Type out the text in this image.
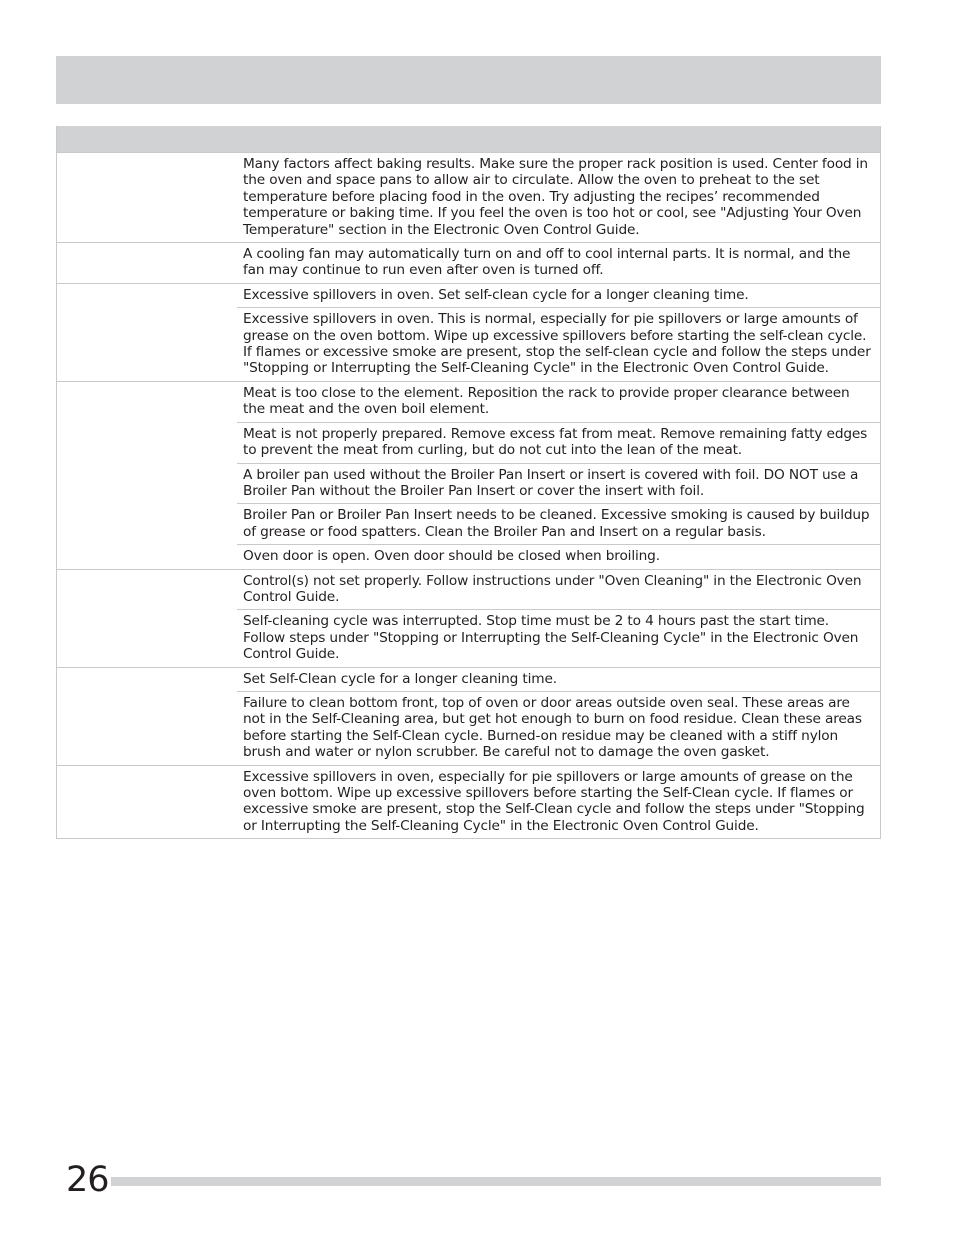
Many factors affect baking results. Make sure the proper rack position is used. Center food in the oven and space pans to allow air to circulate. Allow the oven to preheat to the set temperature before placing food in the oven. Try adjusting the recipes’ recommended temperature or baking time. If you feel the oven is too hot or cool, see "Adjusting Your Oven Temperature" section in the Electronic Oven Control Guide.
A cooling fan may automatically turn on and off to cool internal parts. It is normal, and the fan may continue to run even after oven is turned off.
Excessive spillovers in oven. Set self-clean cycle for a longer cleaning time.
Excessive spillovers in oven. This is normal, especially for pie spillovers or large amounts of grease on the oven bottom. Wipe up excessive spillovers before starting the self-clean cycle. If flames or excessive smoke are present, stop the self-clean cycle and follow the steps under "Stopping or Interrupting the Self-Cleaning Cycle" in the Electronic Oven Control Guide.
Meat is too close to the element. Reposition the rack to provide proper clearance between the meat and the oven boil element.
Meat is not properly prepared. Remove excess fat from meat. Remove remaining fatty edges to prevent the meat from curling, but do not cut into the lean of the meat.
A broiler pan used without the Broiler Pan Insert or insert is covered with foil. DO NOT use a Broiler Pan without the Broiler Pan Insert or cover the insert with foil.
Broiler Pan or Broiler Pan Insert needs to be cleaned. Excessive smoking is caused by buildup of grease or food spatters. Clean the Broiler Pan and Insert on a regular basis.
Oven door is open. Oven door should be closed when broiling.
Control(s) not set properly. Follow instructions under "Oven Cleaning" in the Electronic Oven Control Guide.
Self-cleaning cycle was interrupted. Stop time must be 2 to 4 hours past the start time. Follow steps under "Stopping or Interrupting the Self-Cleaning Cycle" in the Electronic Oven Control Guide.
Set Self-Clean cycle for a longer cleaning time.
Failure to clean bottom front, top of oven or door areas outside oven seal. These areas are not in the Self-Cleaning area, but get hot enough to burn on food residue. Clean these areas before starting the Self-Clean cycle. Burned-on residue may be cleaned with a stiff nylon brush and water or nylon scrubber. Be careful not to damage the oven gasket.
Excessive spillovers in oven, especially for pie spillovers or large amounts of grease on the oven bottom. Wipe up excessive spillovers before starting the Self-Clean cycle. If flames or excessive smoke are present, stop the Self-Clean cycle and follow the steps under "Stopping or Interrupting the Self-Cleaning Cycle" in the Electronic Oven Control Guide.
26
